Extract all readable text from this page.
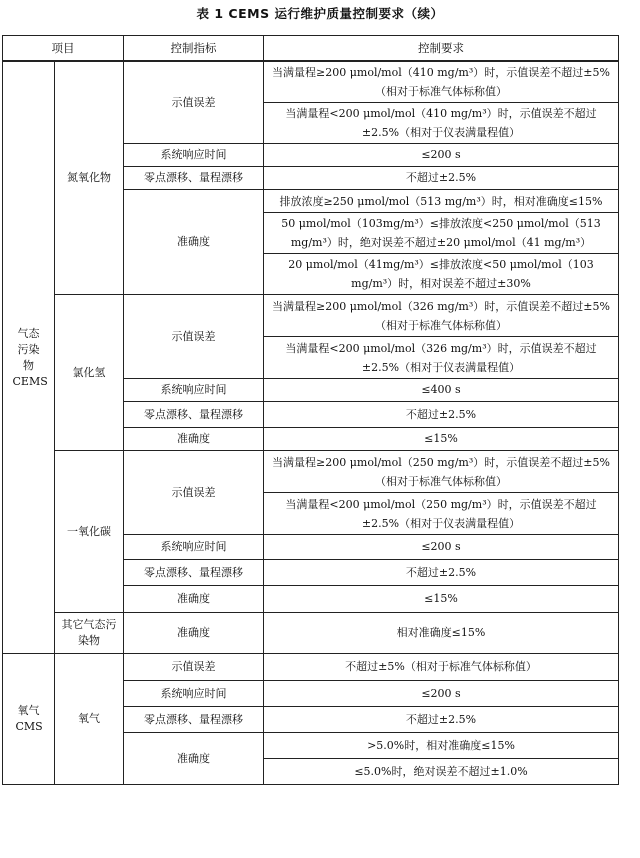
表 1 CEMS 运行维护质量控制要求（续）
项目		控制指标	控制要求
气态污染物CEMS	氮氧化物	示值误差	当满量程≥200 μmol/mol（410 mg/m³）时，示值误差不超过±5%（相对于标准气体标称值）
			当满量程<200 μmol/mol（410 mg/m³）时，示值误差不超过±2.5%（相对于仪表满量程值）
		系统响应时间	≤200 s
		零点漂移、量程漂移	不超过±2.5%
		准确度	排放浓度≥250 μmol/mol（513 mg/m³）时，相对准确度≤15%
			50 μmol/mol（103mg/m³）≤排放浓度<250 μmol/mol（513 mg/m³）时，绝对误差不超过±20 μmol/mol（41 mg/m³）
			20 μmol/mol（41mg/m³）≤排放浓度<50 μmol/mol（103 mg/m³）时，相对误差不超过±30%

	氯化氢	示值误差	当满量程≥200 μmol/mol（326 mg/m³）时，示值误差不超过±5%（相对于标准气体标称值）
			当满量程<200 μmol/mol（326 mg/m³）时，示值误差不超过±2.5%（相对于仪表满量程值）
		系统响应时间	≤400 s
		零点漂移、量程漂移	不超过±2.5%
		准确度	≤15%
	一氧化碳	示值误差	当满量程≥200 μmol/mol（250 mg/m³）时，示值误差不超过±5%（相对于标准气体标称值）
			当满量程<200 μmol/mol（250 mg/m³）时，示值误差不超过±2.5%（相对于仪表满量程值）
		系统响应时间	≤200 s
		零点漂移、量程漂移	不超过±2.5%
		准确度	≤15%
	其它气态污染物	准确度	相对准确度≤15%

氧气CMS	氧气	示值误差	不超过±5%（相对于标准气体标称值）
		系统响应时间	≤200 s
		零点漂移、量程漂移	不超过±2.5%
		准确度	>5.0%时，相对准确度≤15%
			≤5.0%时，绝对误差不超过±1.0%
